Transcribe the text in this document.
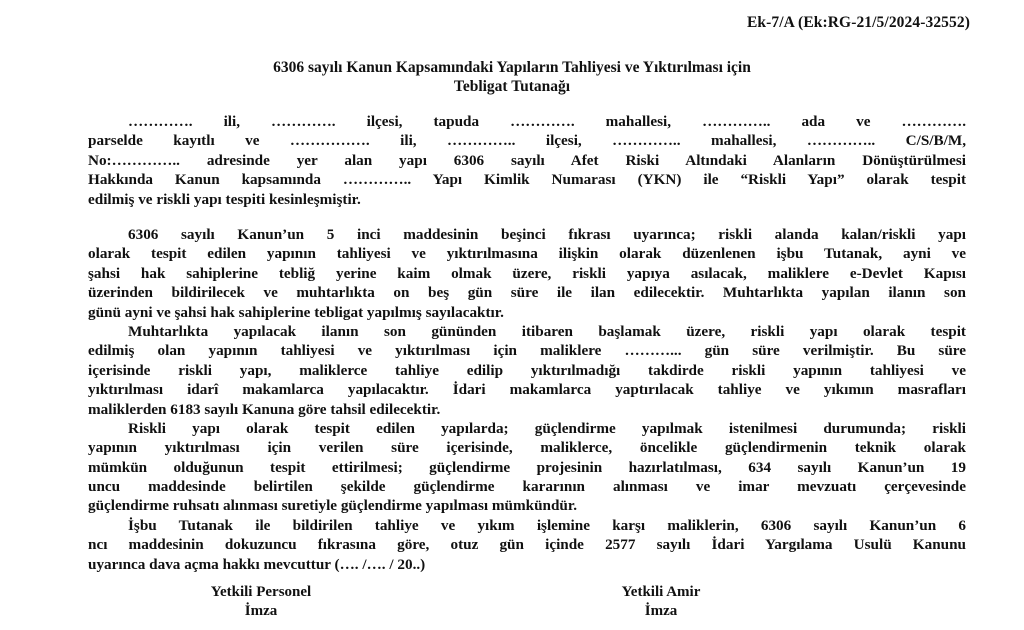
Ek-7/A (Ek:RG-21/5/2024-32552)
6306 sayılı Kanun Kapsamındaki Yapıların Tahliyesi ve Yıktırılması için
Tebligat Tutanağı
…………. ili, …………. ilçesi, tapuda …………. mahallesi, ………….. ada ve ………….
parselde kayıtlı ve ……………. ili, ………….. ilçesi, ………….. mahallesi, ………….. C/S/B/M,
No:………….. adresinde yer alan yapı 6306 sayılı Afet Riski Altındaki Alanların Dönüştürülmesi
Hakkında Kanun kapsamında ………….. Yapı Kimlik Numarası (YKN) ile “Riskli Yapı” olarak tespit
edilmiş ve riskli yapı tespiti kesinleşmiştir.
6306 sayılı Kanun’un 5 inci maddesinin beşinci fıkrası uyarınca; riskli alanda kalan/riskli yapı
olarak tespit edilen yapının tahliyesi ve yıktırılmasına ilişkin olarak düzenlenen işbu Tutanak, ayni ve
şahsi hak sahiplerine tebliğ yerine kaim olmak üzere, riskli yapıya asılacak, maliklere e-Devlet Kapısı
üzerinden bildirilecek ve muhtarlıkta on beş gün süre ile ilan edilecektir. Muhtarlıkta yapılan ilanın son
günü ayni ve şahsi hak sahiplerine tebligat yapılmış sayılacaktır.
Muhtarlıkta yapılacak ilanın son gününden itibaren başlamak üzere, riskli yapı olarak tespit
edilmiş olan yapının tahliyesi ve yıktırılması için maliklere ………... gün süre verilmiştir. Bu süre
içerisinde riskli yapı, maliklerce tahliye edilip yıktırılmadığı takdirde riskli yapının tahliyesi ve
yıktırılması idarî makamlarca yapılacaktır. İdari makamlarca yaptırılacak tahliye ve yıkımın masrafları
maliklerden 6183 sayılı Kanuna göre tahsil edilecektir.
Riskli yapı olarak tespit edilen yapılarda; güçlendirme yapılmak istenilmesi durumunda; riskli
yapının yıktırılması için verilen süre içerisinde, maliklerce, öncelikle güçlendirmenin teknik olarak
mümkün olduğunun tespit ettirilmesi; güçlendirme projesinin hazırlatılması, 634 sayılı Kanun’un 19
uncu maddesinde belirtilen şekilde güçlendirme kararının alınması ve imar mevzuatı çerçevesinde
güçlendirme ruhsatı alınması suretiyle güçlendirme yapılması mümkündür.
İşbu Tutanak ile bildirilen tahliye ve yıkım işlemine karşı maliklerin, 6306 sayılı Kanun’un 6
ncı maddesinin dokuzuncu fıkrasına göre, otuz gün içinde 2577 sayılı İdari Yargılama Usulü Kanunu
uyarınca dava açma hakkı mevcuttur (…. /…. / 20..)
Yetkili Personel
İmza
Yetkili Amir
İmza
